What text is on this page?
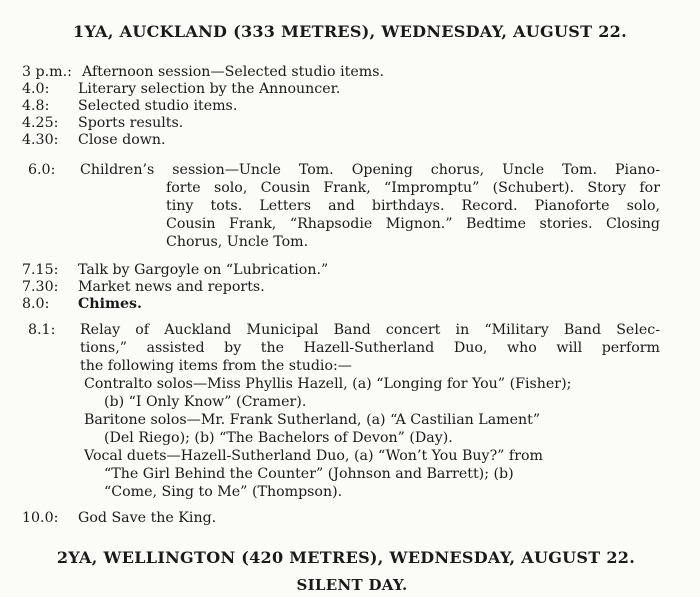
1YA, AUCKLAND (333 METRES), WEDNESDAY, AUGUST 22.
3 p.m.: Afternoon session—Selected studio items.
4.0: Literary selection by the Announcer.
4.8: Selected studio items.
4.25: Sports results.
4.30: Close down.
6.0: Children’s session—Uncle Tom. Opening chorus, Uncle Tom. Piano-
forte solo, Cousin Frank, “Impromptu” (Schubert). Story for
tiny tots. Letters and birthdays. Record. Pianoforte solo,
Cousin Frank, “Rhapsodie Mignon.” Bedtime stories. Closing
Chorus, Uncle Tom.
7.15: Talk by Gargoyle on “Lubrication.”
7.30: Market news and reports.
8.0: Chimes.
8.1: Relay of Auckland Municipal Band concert in “Military Band Selec-
tions,” assisted by the Hazell-Sutherland Duo, who will perform
the following items from the studio:—
Contralto solos—Miss Phyllis Hazell, (a) “Longing for You” (Fisher);
(b) “I Only Know” (Cramer).
Baritone solos—Mr. Frank Sutherland, (a) “A Castilian Lament”
(Del Riego); (b) “The Bachelors of Devon” (Day).
Vocal duets—Hazell-Sutherland Duo, (a) “Won’t You Buy?” from
“The Girl Behind the Counter” (Johnson and Barrett); (b)
“Come, Sing to Me” (Thompson).
10.0: God Save the King.
2YA, WELLINGTON (420 METRES), WEDNESDAY, AUGUST 22.
SILENT DAY.
